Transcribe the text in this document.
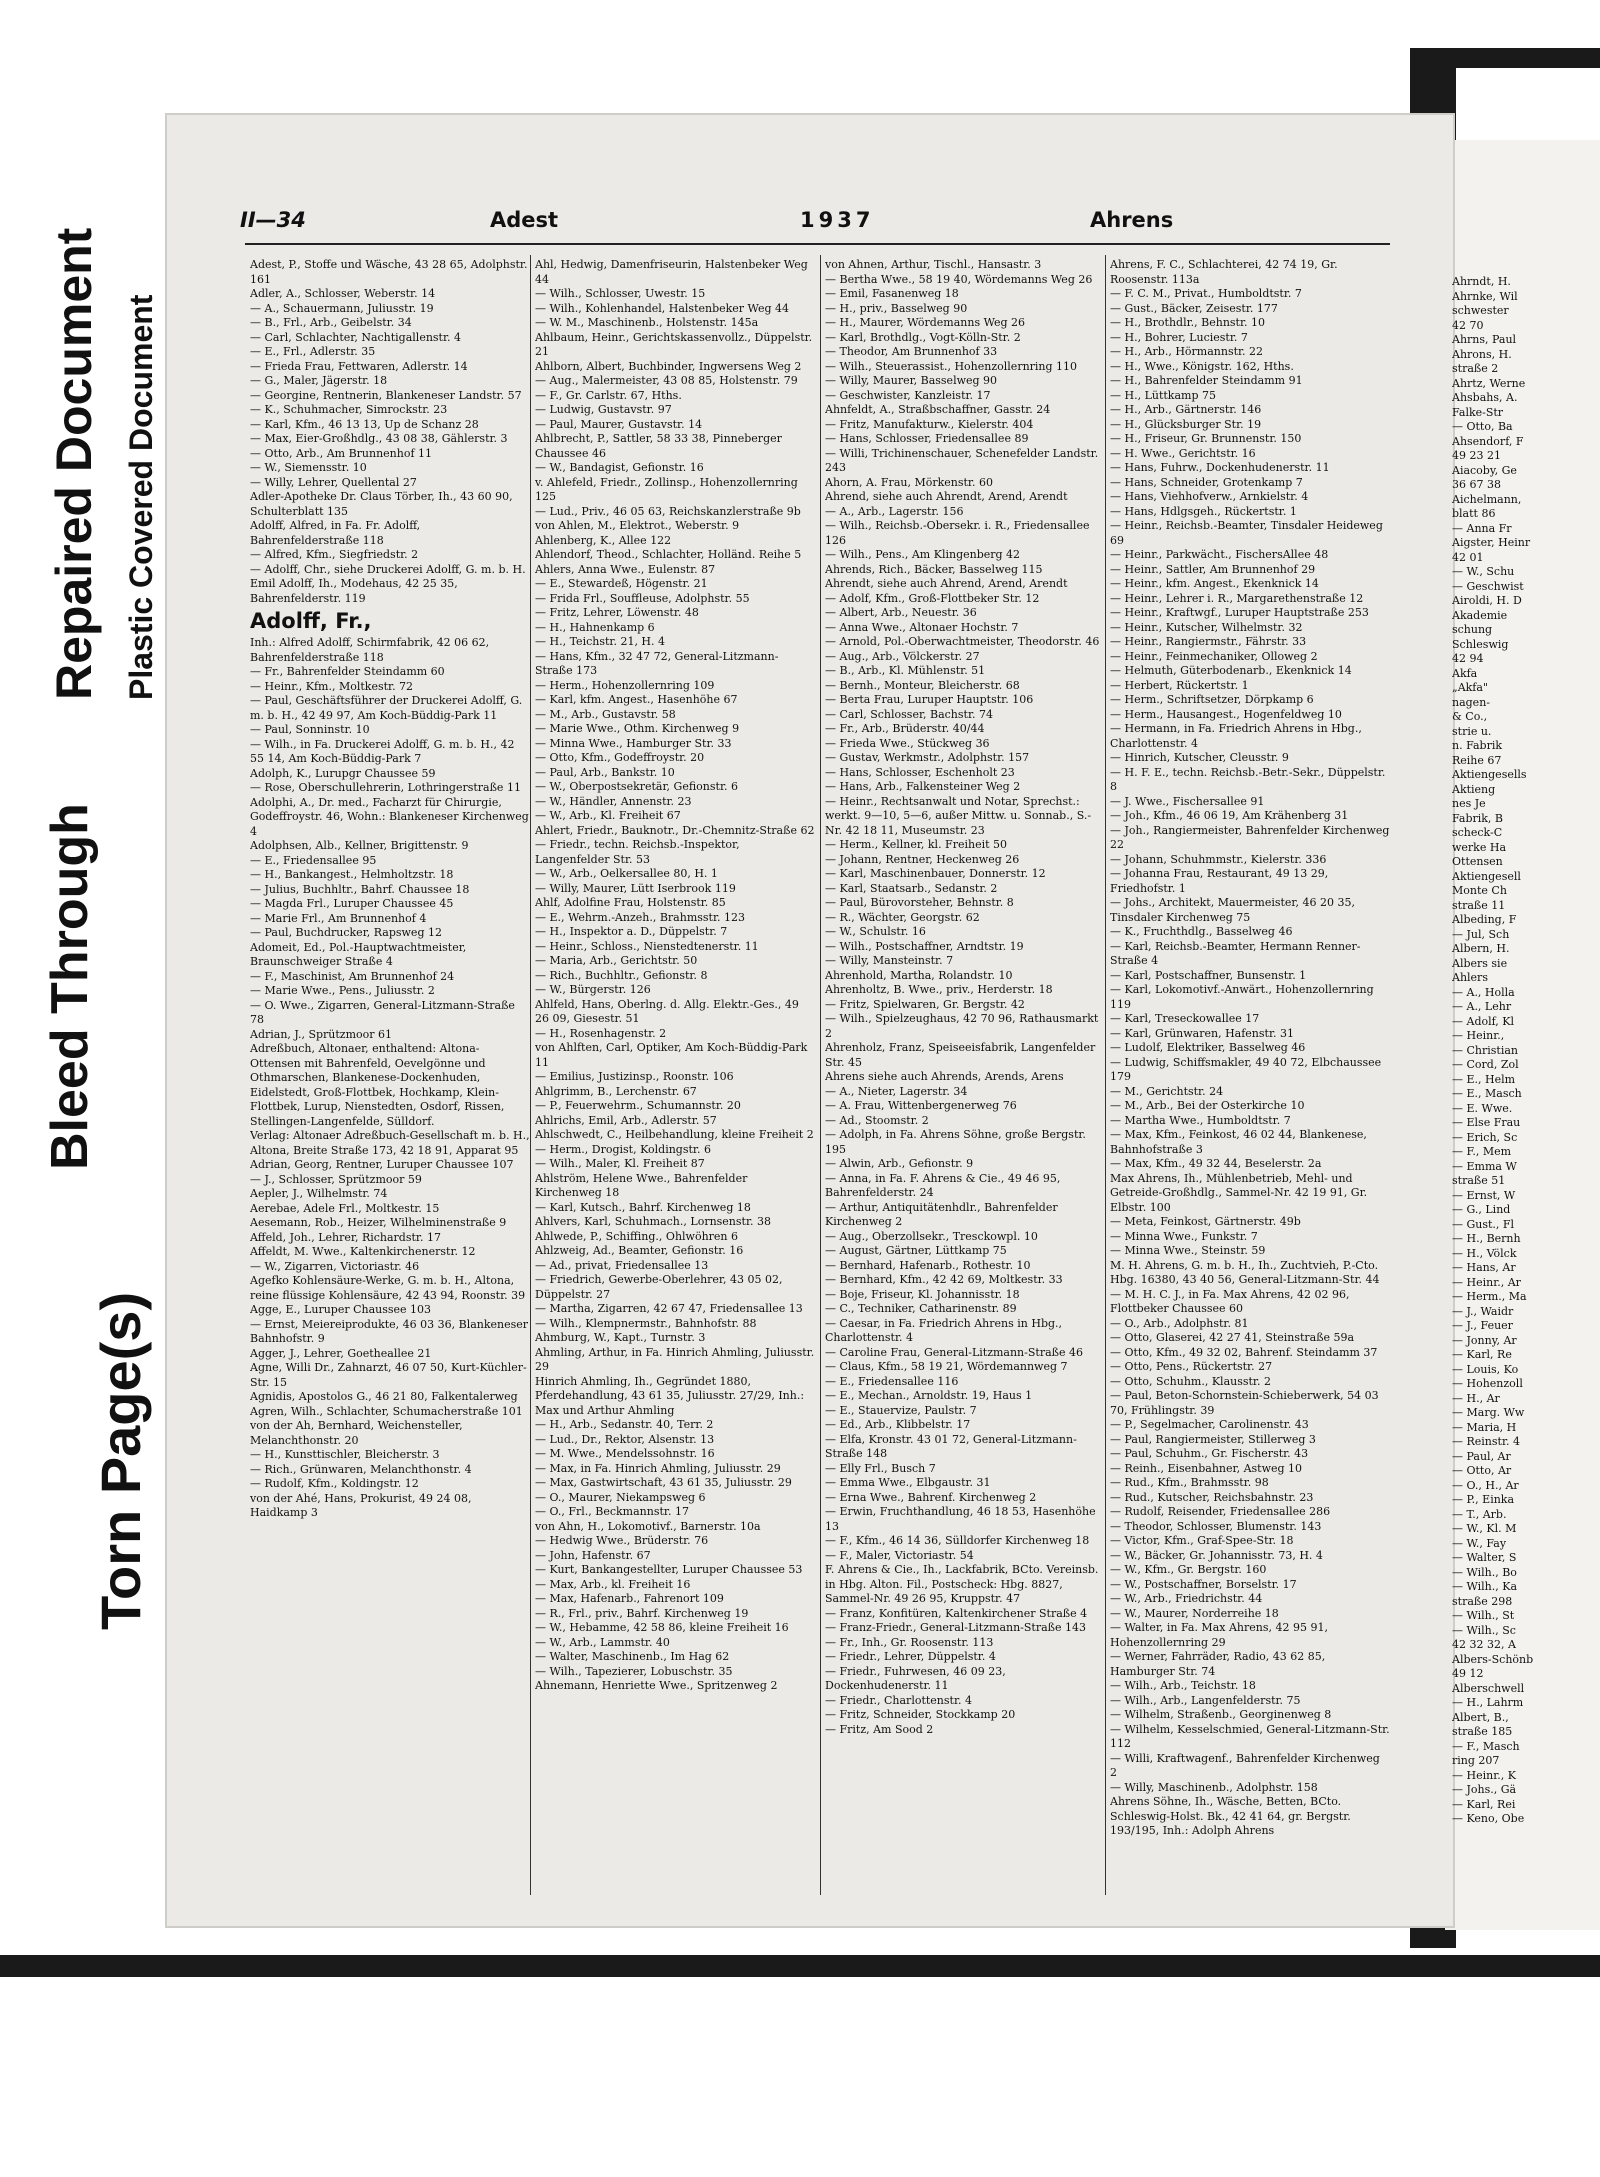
Torn Page(s)
Bleed Through
Repaired Document Plastic Covered Document
II—34	Adest	1937	Ahrens

Adest, P., Stoffe und Wäsche, 43 28 65, Adolphstr. 161

Adler, A., Schlosser, Weberstr. 14

— A., Schauermann, Juliusstr. 19

— B., Frl., Arb., Geibelstr. 34

— Carl, Schlachter, Nachtigallenstr. 4

— E., Frl., Adlerstr. 35

— Frieda Frau, Fettwaren, Adlerstr. 14

— G., Maler, Jägerstr. 18

— Georgine, Rentnerin, Blankeneser Landstr. 57

— K., Schuhmacher, Simrockstr. 23

— Karl, Kfm., 46 13 13, Up de Schanz 28

— Max, Eier-Großhdlg., 43 08 38, Gählerstr. 3

— Otto, Arb., Am Brunnenhof 11

— W., Siemensstr. 10

— Willy, Lehrer, Quellental 27

Adler-Apotheke Dr. Claus Törber, Ih., 43 60 90, Schulterblatt 135

Adolff, Alfred, in Fa. Fr. Adolff, Bahrenfelderstraße 118

— Alfred, Kfm., Siegfriedstr. 2

— Adolff, Chr., siehe Druckerei Adolff, G. m. b. H.

Emil Adolff, Ih., Modehaus, 42 25 35, Bahrenfelderstr. 119

Adolff, Fr.,

Inh.: Alfred Adolff, Schirmfabrik, 42 06 62, Bahrenfelderstraße 118

— Fr., Bahrenfelder Steindamm 60

— Heinr., Kfm., Moltkestr. 72

— Paul, Geschäftsführer der Druckerei Adolff, G. m. b. H., 42 49 97, Am Koch-Büddig-Park 11

— Paul, Sonninstr. 10

— Wilh., in Fa. Druckerei Adolff, G. m. b. H., 42 55 14, Am Koch-Büddig-Park 7

Adolph, K., Lurupgr Chaussee 59

— Rose, Oberschullehrerin, Lothringerstraße 11

Adolphi, A., Dr. med., Facharzt für Chirurgie, Godeffroystr. 46, Wohn.: Blankeneser Kirchenweg 4

Adolphsen, Alb., Kellner, Brigittenstr. 9

— E., Friedensallee 95

— H., Bankangest., Helmholtzstr. 18

— Julius, Buchhltr., Bahrf. Chaussee 18

— Magda Frl., Luruper Chaussee 45

— Marie Frl., Am Brunnenhof 4

— Paul, Buchdrucker, Rapsweg 12

Adomeit, Ed., Pol.-Hauptwachtmeister, Braunschweiger Straße 4

— F., Maschinist, Am Brunnenhof 24

— Marie Wwe., Pens., Juliusstr. 2

— O. Wwe., Zigarren, General-Litzmann-Straße 78

Adrian, J., Sprützmoor 61

Adreßbuch, Altonaer, enthaltend: Altona-Ottensen mit Bahrenfeld, Oevelgönne und Othmarschen, Blankenese-Dockenhuden, Eidelstedt, Groß-Flottbek, Hochkamp, Klein-Flottbek, Lurup, Nienstedten, Osdorf, Rissen, Stellingen-Langenfelde, Sülldorf.

Verlag: Altonaer Adreßbuch-Gesellschaft m. b. H., Altona, Breite Straße 173, 42 18 91, Apparat 95

Adrian, Georg, Rentner, Luruper Chaussee 107

— J., Schlosser, Sprützmoor 59

Aepler, J., Wilhelmstr. 74

Aerebae, Adele Frl., Moltkestr. 15

Aesemann, Rob., Heizer, Wilhelminenstraße 9

Affeld, Joh., Lehrer, Richardstr. 17

Affeldt, M. Wwe., Kaltenkirchenerstr. 12

— W., Zigarren, Victoriastr. 46

Agefko Kohlensäure-Werke, G. m. b. H., Altona, reine flüssige Kohlensäure, 42 43 94, Roonstr. 39

Agge, E., Luruper Chaussee 103

— Ernst, Meiereiprodukte, 46 03 36, Blankeneser Bahnhofstr. 9

Agger, J., Lehrer, Goetheallee 21

Agne, Willi Dr., Zahnarzt, 46 07 50, Kurt-Küchler-Str. 15

Agnidis, Apostolos G., 46 21 80, Falkentalerweg

Agren, Wilh., Schlachter, Schumacherstraße 101

von der Ah, Bernhard, Weichensteller, Melanchthonstr. 20

— H., Kunsttischler, Bleicherstr. 3

— Rich., Grünwaren, Melanchthonstr. 4

— Rudolf, Kfm., Koldingstr. 12

von der Ahé, Hans, Prokurist, 49 24 08, Haidkamp 3

Ahl, Hedwig, Damenfriseurin, Halstenbeker Weg 44

— Wilh., Schlosser, Uwestr. 15

— Wilh., Kohlenhandel, Halstenbeker Weg 44

— W. M., Maschinenb., Holstenstr. 145a

Ahlbaum, Heinr., Gerichtskassenvollz., Düppelstr. 21

Ahlborn, Albert, Buchbinder, Ingwersens Weg 2

— Aug., Malermeister, 43 08 85, Holstenstr. 79

— F., Gr. Carlstr. 67, Hths.

— Ludwig, Gustavstr. 97

— Paul, Maurer, Gustavstr. 14

Ahlbrecht, P., Sattler, 58 33 38, Pinneberger Chaussee 46

— W., Bandagist, Gefionstr. 16

v. Ahlefeld, Friedr., Zollinsp., Hohenzollernring 125

— Lud., Priv., 46 05 63, Reichskanzlerstraße 9b

von Ahlen, M., Elektrot., Weberstr. 9

Ahlenberg, K., Allee 122

Ahlendorf, Theod., Schlachter, Holländ. Reihe 5

Ahlers, Anna Wwe., Eulenstr. 87

— E., Stewardeß, Högenstr. 21

— Frida Frl., Souffleuse, Adolphstr. 55

— Fritz, Lehrer, Löwenstr. 48

— H., Hahnenkamp 6

— H., Teichstr. 21, H. 4

— Hans, Kfm., 32 47 72, General-Litzmann-Straße 173

— Herm., Hohenzollernring 109

— Karl, kfm. Angest., Hasenhöhe 67

— M., Arb., Gustavstr. 58

— Marie Wwe., Othm. Kirchenweg 9

— Minna Wwe., Hamburger Str. 33

— Otto, Kfm., Godeffroystr. 20

— Paul, Arb., Bankstr. 10

— W., Oberpostsekretär, Gefionstr. 6

— W., Händler, Annenstr. 23

— W., Arb., Kl. Freiheit 67

Ahlert, Friedr., Bauknotr., Dr.-Chemnitz-Straße 62

— Friedr., techn. Reichsb.-Inspektor, Langenfelder Str. 53

— W., Arb., Oelkersallee 80, H. 1

— Willy, Maurer, Lütt Iserbrook 119

Ahlf, Adolfine Frau, Holstenstr. 85

— E., Wehrm.-Anzeh., Brahmsstr. 123

— H., Inspektor a. D., Düppelstr. 7

— Heinr., Schloss., Nienstedtenerstr. 11

— Maria, Arb., Gerichtstr. 50

— Rich., Buchhltr., Gefionstr. 8

— W., Bürgerstr. 126

Ahlfeld, Hans, Oberlng. d. Allg. Elektr.-Ges., 49 26 09, Giesestr. 51

— H., Rosenhagenstr. 2

von Ahlften, Carl, Optiker, Am Koch-Büddig-Park 11

— Emilius, Justizinsp., Roonstr. 106

Ahlgrimm, B., Lerchenstr. 67

— P., Feuerwehrm., Schumannstr. 20

Ahlrichs, Emil, Arb., Adlerstr. 57

Ahlschwedt, C., Heilbehandlung, kleine Freiheit 2

— Herm., Drogist, Koldingstr. 6

— Wilh., Maler, Kl. Freiheit 87

Ahlström, Helene Wwe., Bahrenfelder Kirchenweg 18

— Karl, Kutsch., Bahrf. Kirchenweg 18

Ahlvers, Karl, Schuhmach., Lornsenstr. 38

Ahlwede, P., Schiffing., Ohlwöhren 6

Ahlzweig, Ad., Beamter, Gefionstr. 16

— Ad., privat, Friedensallee 13

— Friedrich, Gewerbe-Oberlehrer, 43 05 02, Düppelstr. 27

— Martha, Zigarren, 42 67 47, Friedensallee 13

— Wilh., Klempnermstr., Bahnhofstr. 88

Ahmburg, W., Kapt., Turnstr. 3

Ahmling, Arthur, in Fa. Hinrich Ahmling, Juliusstr. 29

Hinrich Ahmling, Ih., Gegründet 1880, Pferdehandlung, 43 61 35, Juliusstr. 27/29, Inh.: Max und Arthur Ahmling

— H., Arb., Sedanstr. 40, Terr. 2

— Lud., Dr., Rektor, Alsenstr. 13

— M. Wwe., Mendelssohnstr. 16

— Max, in Fa. Hinrich Ahmling, Juliusstr. 29

— Max, Gastwirtschaft, 43 61 35, Juliusstr. 29

— O., Maurer, Niekampsweg 6

— O., Frl., Beckmannstr. 17

von Ahn, H., Lokomotivf., Barnerstr. 10a

— Hedwig Wwe., Brüderstr. 76

— John, Hafenstr. 67

— Kurt, Bankangestellter, Luruper Chaussee 53

— Max, Arb., kl. Freiheit 16

— Max, Hafenarb., Fahrenort 109

— R., Frl., priv., Bahrf. Kirchenweg 19

— W., Hebamme, 42 58 86, kleine Freiheit 16

— W., Arb., Lammstr. 40

— Walter, Maschinenb., Im Hag 62

— Wilh., Tapezierer, Lobuschstr. 35

Ahnemann, Henriette Wwe., Spritzenweg 2

von Ahnen, Arthur, Tischl., Hansastr. 3

— Bertha Wwe., 58 19 40, Wördemanns Weg 26

— Emil, Fasanenweg 18

— H., priv., Basselweg 90

— H., Maurer, Wördemanns Weg 26

— Karl, Brothdlg., Vogt-Kölln-Str. 2

— Theodor, Am Brunnenhof 33

— Wilh., Steuerassist., Hohenzollernring 110

— Willy, Maurer, Basselweg 90

— Geschwister, Kanzleistr. 17

Ahnfeldt, A., Straßbschaffner, Gasstr. 24

— Fritz, Manufakturw., Kielerstr. 404

— Hans, Schlosser, Friedensallee 89

— Willi, Trichinenschauer, Schenefelder Landstr. 243

Ahorn, A. Frau, Mörkenstr. 60

Ahrend, siehe auch Ahrendt, Arend, Arendt

— A., Arb., Lagerstr. 156

— Wilh., Reichsb.-Obersekr. i. R., Friedensallee 126

— Wilh., Pens., Am Klingenberg 42

Ahrends, Rich., Bäcker, Basselweg 115

Ahrendt, siehe auch Ahrend, Arend, Arendt

— Adolf, Kfm., Groß-Flottbeker Str. 12

— Albert, Arb., Neuestr. 36

— Anna Wwe., Altonaer Hochstr. 7

— Arnold, Pol.-Oberwachtmeister, Theodorstr. 46

— Aug., Arb., Völckerstr. 27

— B., Arb., Kl. Mühlenstr. 51

— Bernh., Monteur, Bleicherstr. 68

— Berta Frau, Luruper Hauptstr. 106

— Carl, Schlosser, Bachstr. 74

— Fr., Arb., Brüderstr. 40/44

— Frieda Wwe., Stückweg 36

— Gustav, Werkmstr., Adolphstr. 157

— Hans, Schlosser, Eschenholt 23

— Hans, Arb., Falkensteiner Weg 2

— Heinr., Rechtsanwalt und Notar, Sprechst.: werkt. 9—10, 5—6, außer Mittw. u. Sonnab., S.-Nr. 42 18 11, Museumstr. 23

— Herm., Kellner, kl. Freiheit 50

— Johann, Rentner, Heckenweg 26

— Karl, Maschinenbauer, Donnerstr. 12

— Karl, Staatsarb., Sedanstr. 2

— Paul, Bürovorsteher, Behnstr. 8

— R., Wächter, Georgstr. 62

— W., Schulstr. 16

— Wilh., Postschaffner, Arndtstr. 19

— Willy, Mansteinstr. 7

Ahrenhold, Martha, Rolandstr. 10

Ahrenholtz, B. Wwe., priv., Herderstr. 18

— Fritz, Spielwaren, Gr. Bergstr. 42

— Wilh., Spielzeughaus, 42 70 96, Rathausmarkt 2

Ahrenholz, Franz, Speiseeisfabrik, Langenfelder Str. 45

Ahrens siehe auch Ahrends, Arends, Arens

— A., Nieter, Lagerstr. 34

— A. Frau, Wittenbergenerweg 76

— Ad., Stoomstr. 2

— Adolph, in Fa. Ahrens Söhne, große Bergstr. 195

— Alwin, Arb., Gefionstr. 9

— Anna, in Fa. F. Ahrens & Cie., 49 46 95, Bahrenfelderstr. 24

— Arthur, Antiquitätenhdlr., Bahrenfelder Kirchenweg 2

— Aug., Oberzollsekr., Tresckowpl. 10

— August, Gärtner, Lüttkamp 75

— Bernhard, Hafenarb., Rothestr. 10

— Bernhard, Kfm., 42 42 69, Moltkestr. 33

— Boje, Friseur, Kl. Johannisstr. 18

— C., Techniker, Catharinenstr. 89

— Caesar, in Fa. Friedrich Ahrens in Hbg., Charlottenstr. 4

— Caroline Frau, General-Litzmann-Straße 46

— Claus, Kfm., 58 19 21, Wördemannweg 7

— E., Friedensallee 116

— E., Mechan., Arnoldstr. 19, Haus 1

— E., Stauervize, Paulstr. 7

— Ed., Arb., Klibbelstr. 17

— Elfa, Kronstr. 43 01 72, General-Litzmann-Straße 148

— Elly Frl., Busch 7

— Emma Wwe., Elbgaustr. 31

— Erna Wwe., Bahrenf. Kirchenweg 2

— Erwin, Fruchthandlung, 46 18 53, Hasenhöhe 13

— F., Kfm., 46 14 36, Sülldorfer Kirchenweg 18

— F., Maler, Victoriastr. 54

F. Ahrens & Cie., Ih., Lackfabrik, BCto. Vereinsb. in Hbg. Alton. Fil., Postscheck: Hbg. 8827, Sammel-Nr. 49 26 95, Kruppstr. 47

— Franz, Konfitüren, Kaltenkirchener Straße 4

— Franz-Friedr., General-Litzmann-Straße 143

— Fr., Inh., Gr. Roosenstr. 113

— Friedr., Lehrer, Düppelstr. 4

— Friedr., Fuhrwesen, 46 09 23, Dockenhudenerstr. 11

— Friedr., Charlottenstr. 4

— Fritz, Schneider, Stockkamp 20

— Fritz, Am Sood 2

Ahrens, F. C., Schlachterei, 42 74 19, Gr. Roosenstr. 113a

— F. C. M., Privat., Humboldtstr. 7

— Gust., Bäcker, Zeisestr. 177

— H., Brothdlr., Behnstr. 10

— H., Bohrer, Luciestr. 7

— H., Arb., Hörmannstr. 22

— H., Wwe., Königstr. 162, Hths.

— H., Bahrenfelder Steindamm 91

— H., Lüttkamp 75

— H., Arb., Gärtnerstr. 146

— H., Glücksburger Str. 19

— H., Friseur, Gr. Brunnenstr. 150

— H. Wwe., Gerichtstr. 16

— Hans, Fuhrw., Dockenhudenerstr. 11

— Hans, Schneider, Grotenkamp 7

— Hans, Viehhofverw., Arnkielstr. 4

— Hans, Hdlgsgeh., Rückertstr. 1

— Heinr., Reichsb.-Beamter, Tinsdaler Heideweg 69

— Heinr., Parkwächt., FischersAllee 48

— Heinr., Sattler, Am Brunnenhof 29

— Heinr., kfm. Angest., Ekenknick 14

— Heinr., Lehrer i. R., Margarethenstraße 12

— Heinr., Kraftwgf., Luruper Hauptstraße 253

— Heinr., Kutscher, Wilhelmstr. 32

— Heinr., Rangiermstr., Fährstr. 33

— Heinr., Feinmechaniker, Olloweg 2

— Helmuth, Güterbodenarb., Ekenknick 14

— Herbert, Rückertstr. 1

— Herm., Schriftsetzer, Dörpkamp 6

— Herm., Hausangest., Hogenfeldweg 10

— Hermann, in Fa. Friedrich Ahrens in Hbg., Charlottenstr. 4

— Hinrich, Kutscher, Cleusstr. 9

— H. F. E., techn. Reichsb.-Betr.-Sekr., Düppelstr. 8

— J. Wwe., Fischersallee 91

— Joh., Kfm., 46 06 19, Am Krähenberg 31

— Joh., Rangiermeister, Bahrenfelder Kirchenweg 22

— Johann, Schuhmmstr., Kielerstr. 336

— Johanna Frau, Restaurant, 49 13 29, Friedhofstr. 1

— Johs., Architekt, Mauermeister, 46 20 35, Tinsdaler Kirchenweg 75

— K., Fruchthdlg., Basselweg 46

— Karl, Reichsb.-Beamter, Hermann Renner-Straße 4

— Karl, Postschaffner, Bunsenstr. 1

— Karl, Lokomotivf.-Anwärt., Hohenzollernring 119

— Karl, Treseckowallee 17

— Karl, Grünwaren, Hafenstr. 31

— Ludolf, Elektriker, Basselweg 46

— Ludwig, Schiffsmakler, 49 40 72, Elbchaussee 179

— M., Gerichtstr. 24

— M., Arb., Bei der Osterkirche 10

— Martha Wwe., Humboldtstr. 7

— Max, Kfm., Feinkost, 46 02 44, Blankenese, Bahnhofstraße 3

— Max, Kfm., 49 32 44, Beselerstr. 2a

Max Ahrens, Ih., Mühlenbetrieb, Mehl- und Getreide-Großhdlg., Sammel-Nr. 42 19 91, Gr. Elbstr. 100

— Meta, Feinkost, Gärtnerstr. 49b

— Minna Wwe., Funkstr. 7

— Minna Wwe., Steinstr. 59

M. H. Ahrens, G. m. b. H., Ih., Zuchtvieh, P.-Cto. Hbg. 16380, 43 40 56, General-Litzmann-Str. 44

— M. H. C. J., in Fa. Max Ahrens, 42 02 96, Flottbeker Chaussee 60

— O., Arb., Adolphstr. 81

— Otto, Glaserei, 42 27 41, Steinstraße 59a

— Otto, Kfm., 49 32 02, Bahrenf. Steindamm 37

— Otto, Pens., Rückertstr. 27

— Otto, Schuhm., Klausstr. 2

— Paul, Beton-Schornstein-Schieberwerk, 54 03 70, Frühlingstr. 39

— P., Segelmacher, Carolinenstr. 43

— Paul, Rangiermeister, Stillerweg 3

— Paul, Schuhm., Gr. Fischerstr. 43

— Reinh., Eisenbahner, Astweg 10

— Rud., Kfm., Brahmsstr. 98

— Rud., Kutscher, Reichsbahnstr. 23

— Rudolf, Reisender, Friedensallee 286

— Theodor, Schlosser, Blumenstr. 143

— Victor, Kfm., Graf-Spee-Str. 18

— W., Bäcker, Gr. Johannisstr. 73, H. 4

— W., Kfm., Gr. Bergstr. 160

— W., Postschaffner, Borselstr. 17

— W., Arb., Friedrichstr. 44

— W., Maurer, Norderreihe 18

— Walter, in Fa. Max Ahrens, 42 95 91, Hohenzollernring 29

— Werner, Fahrräder, Radio, 43 62 85, Hamburger Str. 74

— Wilh., Arb., Teichstr. 18

— Wilh., Arb., Langenfelderstr. 75

— Wilhelm, Straßenb., Georginenweg 8

— Wilhelm, Kesselschmied, General-Litzmann-Str. 112

— Willi, Kraftwagenf., Bahrenfelder Kirchenweg 2

— Willy, Maschinenb., Adolphstr. 158

Ahrens Söhne, Ih., Wäsche, Betten, BCto. Schleswig-Holst. Bk., 42 41 64, gr. Bergstr. 193/195, Inh.: Adolph Ahrens

Ahrndt, H.
Ahrnke, Wil
schwester
42 70
Ahrns, Paul
Ahrons, H.
straße 2
Ahrtz, Werne
Ahsbahs, A.
Falke-Str
— Otto, Ba
Ahsendorf, F
49 23 21
Aiacoby, Ge
36 67 38
Aichelmann,
blatt 86
— Anna Fr
Aigster, Heinr
42 01
— W., Schu
— Geschwist
Airoldi, H. D
Akademie
schung
Schleswig
42 94
Akfa
„Akfa"
nagen-
& Co.,
strie u.
n. Fabrik
Reihe 67
Aktiengesells
Aktieng
nes Je
Fabrik, B
scheck-C
werke Ha
Ottensen
Aktiengesell
Monte Ch
straße 11
Albeding, F
— Jul, Sch
Albern, H.
Albers sie
Ahlers
— A., Holla
— A., Lehr
— Adolf, Kl
— Heinr.,
— Christian
— Cord, Zol
— E., Helm
— E., Masch
— E. Wwe.
— Else Frau
— Erich, Sc
— F., Mem
— Emma W
straße 51
— Ernst, W
— G., Lind
— Gust., Fl
— H., Bernh
— H., Völck
— Hans, Ar
— Heinr., Ar
— Herm., Ma
— J., Waidr
— J., Feuer
— Jonny, Ar
— Karl, Re
— Louis, Ko
— Hohenzoll
— H., Ar
— Marg. Ww
— Maria, H
— Reinstr. 4
— Paul, Ar
— Otto, Ar
— O., H., Ar
— P., Einka
— T., Arb.
— W., Kl. M
— W., Fay
— Walter, S
— Wilh., Bo
— Wilh., Ka
straße 298
— Wilh., St
— Wilh., Sc
42 32 32, A
Albers-Schönb
49 12
Alberschwell
— H., Lahrm
Albert, B.,
straße 185
— F., Masch
ring 207
— Heinr., K
— Johs., Gä
— Karl, Rei
— Keno, Obe
